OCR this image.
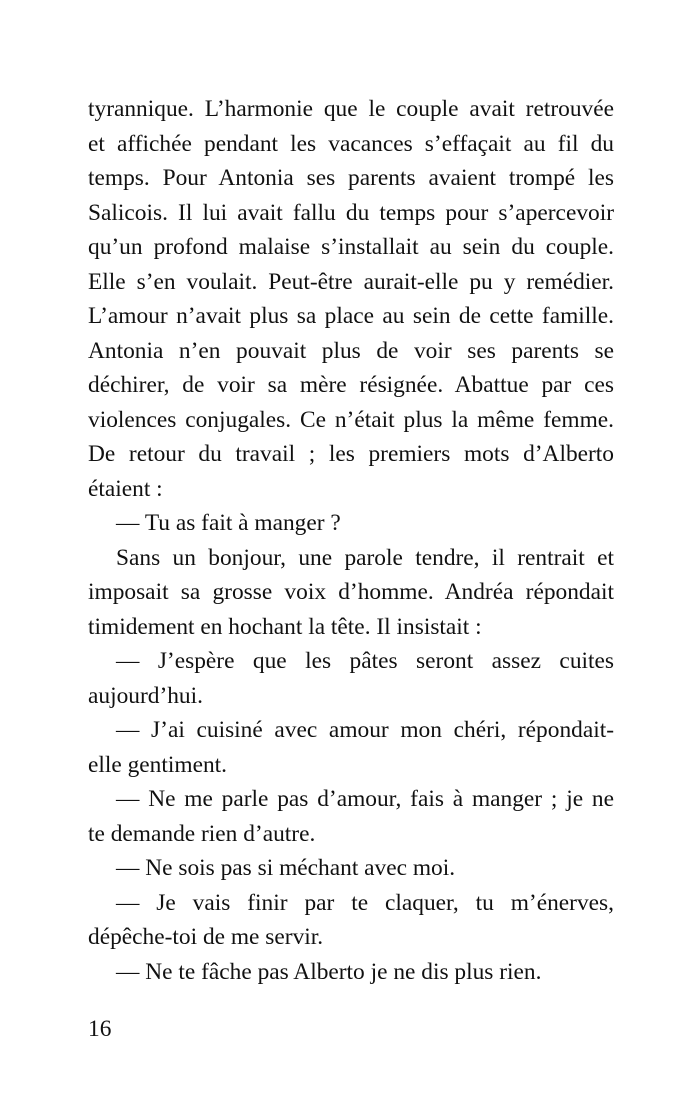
tyrannique. L’harmonie que le couple avait retrouvée
et affichée pendant les vacances s’effaçait au fil du
temps. Pour Antonia ses parents avaient trompé les
Salicois. Il lui avait fallu du temps pour s’apercevoir
qu’un profond malaise s’installait au sein du couple.
Elle s’en voulait. Peut-être aurait-elle pu y remédier.
L’amour n’avait plus sa place au sein de cette famille.
Antonia n’en pouvait plus de voir ses parents se
déchirer, de voir sa mère résignée. Abattue par ces
violences conjugales. Ce n’était plus la même femme.
De retour du travail ; les premiers mots d’Alberto
étaient :
— Tu as fait à manger ?
Sans un bonjour, une parole tendre, il rentrait et
imposait sa grosse voix d’homme. Andréa répondait
timidement en hochant la tête. Il insistait :
— J’espère que les pâtes seront assez cuites
aujourd’hui.
— J’ai cuisiné avec amour mon chéri, répondait-
elle gentiment.
— Ne me parle pas d’amour, fais à manger ; je ne
te demande rien d’autre.
— Ne sois pas si méchant avec moi.
— Je vais finir par te claquer, tu m’énerves,
dépêche-toi de me servir.
— Ne te fâche pas Alberto je ne dis plus rien.
16
